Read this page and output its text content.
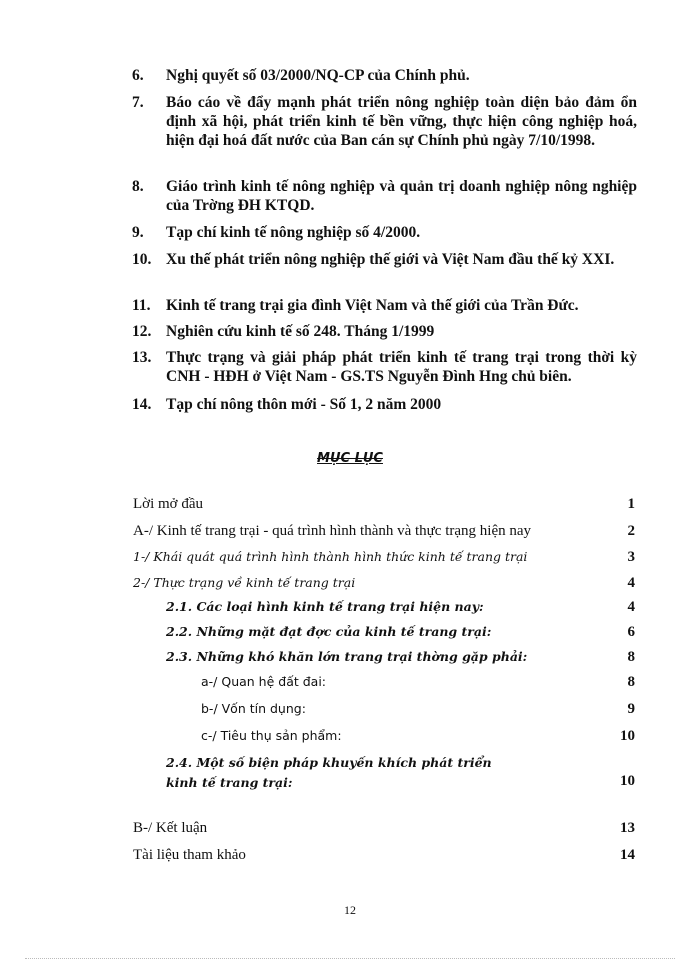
6. Nghị quyết số 03/2000/NQ-CP của Chính phủ.
7. Báo cáo về đẩy mạnh phát triển nông nghiệp toàn diện bảo đảm ổn định xã hội, phát triển kinh tế bền vững, thực hiện công nghiệp hoá, hiện đại hoá đất nước của Ban cán sự Chính phủ ngày 7/10/1998.
8. Giáo trình kinh tế nông nghiệp và quản trị doanh nghiệp nông nghiệp của Trờng ĐH KTQD.
9. Tạp chí kinh tế nông nghiệp số 4/2000.
10. Xu thế phát triển nông nghiệp thế giới và Việt Nam đầu thế kỷ XXI.
11. Kinh tế trang trại gia đình Việt Nam và thế giới của Trần Đức.
12. Nghiên cứu kinh tế số 248. Tháng 1/1999
13. Thực trạng và giải pháp phát triển kinh tế trang trại trong thời kỳ CNH - HĐH ở Việt Nam - GS.TS Nguyễn Đình Hng chủ biên.
14. Tạp chí nông thôn mới - Số 1, 2 năm 2000
MỤC LỤC
Lời mở đầu	1
A-/ Kinh tế trang trại - quá trình hình thành và thực trạng hiện nay	2
1-/ Khái quát quá trình hình thành hình thức kinh tế trang trại	3
2-/ Thực trạng về kinh tế trang trại	4
2.1. Các loại hình kinh tế trang trại hiện nay:	4
2.2. Những mặt đạt đợc của kinh tế trang trại:	6
2.3. Những khó khăn lớn trang trại thờng gặp phải:	8
a-/ Quan hệ đất đai:	8
b-/ Vốn tín dụng:	9
c-/ Tiêu thụ sản phẩm:	10
2.4. Một số biện pháp khuyến khích phát triển
kinh tế trang trại:	10
B-/ Kết luận	13
Tài liệu tham khảo	14
12
